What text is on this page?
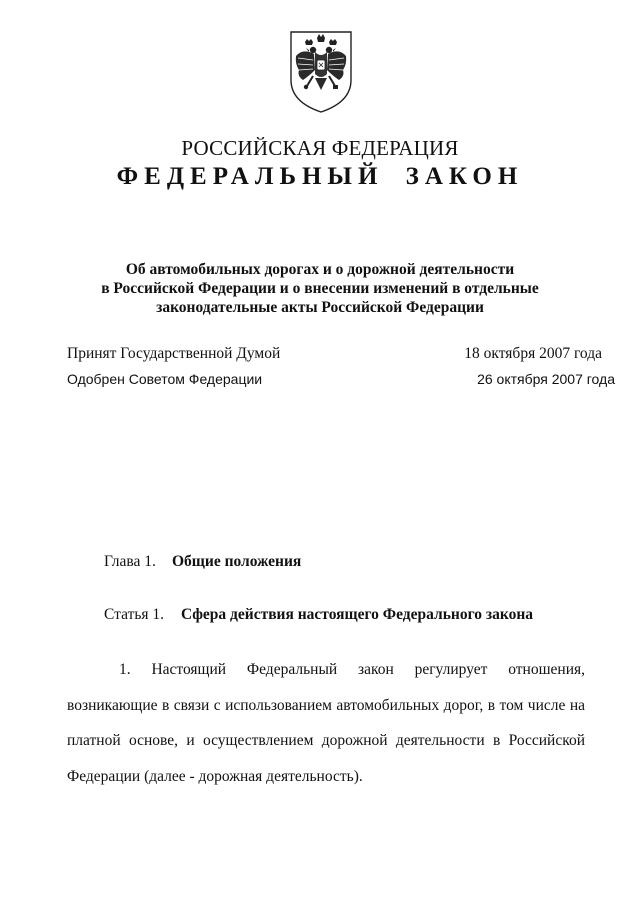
РОССИЙСКАЯ ФЕДЕРАЦИЯ
ФЕДЕРАЛЬНЫЙ ЗАКОН
Об автомобильных дорогах и о дорожной деятельности
в Российской Федерации и о внесении изменений в отдельные
законодательные акты Российской Федерации
Принят Государственной Думой	18 октября 2007 года
Одобрен Советом Федерации	26 октября 2007 года
Глава 1. Общие положения
Статья 1. Сфера действия настоящего Федерального закона

1. Настоящий Федеральный закон регулирует отношения, возникающие в связи с использованием автомобильных дорог, в том числе на платной основе, и осуществлением дорожной деятельности в Российской Федерации (далее - дорожная деятельность).
